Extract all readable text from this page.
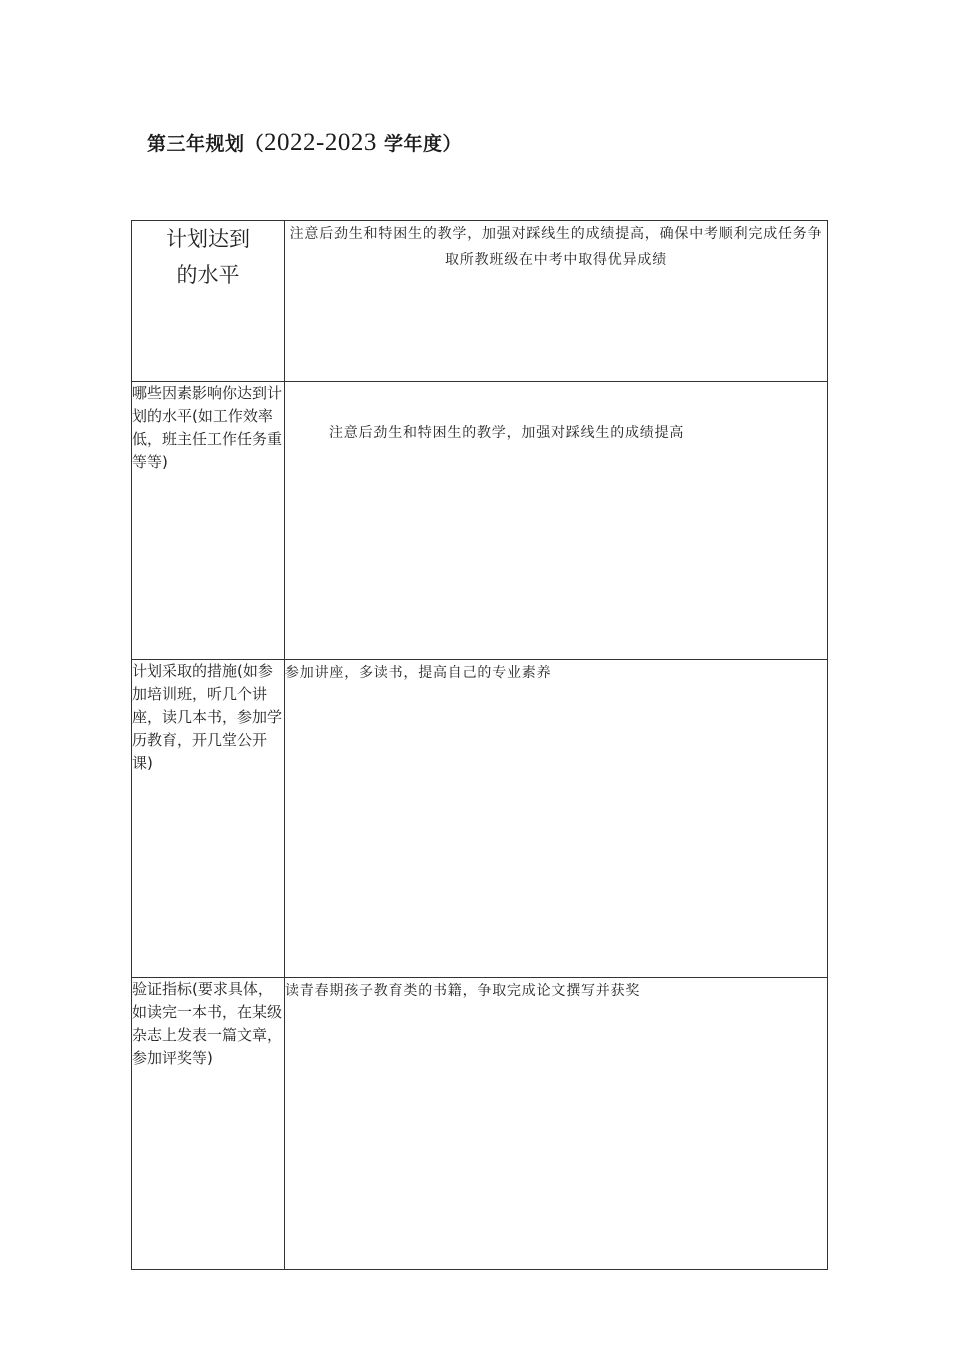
第三年规划（2022-2023 学年度）
计划达到
的水平	注意后劲生和特困生的教学，加强对踩线生的成绩提高，确保中考顺利完成任务争取所教班级在中考中取得优异成绩
哪些因素影响你达到计划的水平(如工作效率低，班主任工作任务重等等)	注意后劲生和特困生的教学，加强对踩线生的成绩提高
计划采取的措施(如参加培训班，听几个讲座，读几本书，参加学历教育，开几堂公开课)	参加讲座，多读书，提高自己的专业素养
验证指标(要求具体，如读完一本书，在某级杂志上发表一篇文章，参加评奖等)	读青春期孩子教育类的书籍，争取完成论文撰写并获奖
